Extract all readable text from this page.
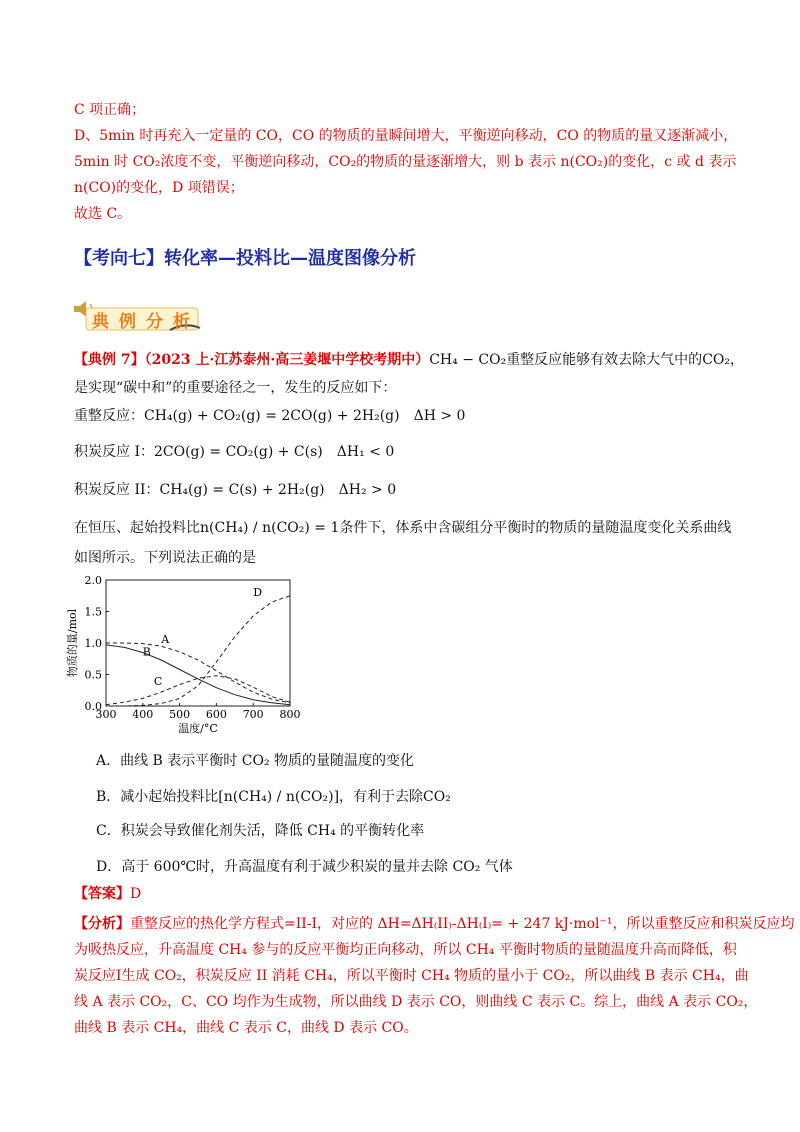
C 项正确；
D、5min 时再充入一定量的 CO，CO 的物质的量瞬间增大，平衡逆向移动，CO 的物质的量又逐渐减小，
5min 时 CO₂浓度不变，平衡逆向移动，CO₂的物质的量逐渐增大，则 b 表示 n(CO₂)的变化，c 或 d 表示
n(CO)的变化，D 项错误；
故选 C。
【考向七】转化率—投料比—温度图像分析
典例分析
【典例 7】（2023 上·江苏泰州·高三姜堰中学校考期中）CH₄ − CO₂重整反应能够有效去除大气中的CO₂，
是实现“碳中和”的重要途径之一，发生的反应如下：
重整反应：CH₄(g) + CO₂(g) = 2CO(g) + 2H₂(g) ΔH > 0
积炭反应 I：2CO(g) = CO₂(g) + C(s) ΔH₁ < 0
积炭反应 II：CH₄(g) = C(s) + 2H₂(g) ΔH₂ > 0
在恒压、起始投料比n(CH₄) / n(CO₂) = 1条件下，体系中含碳组分平衡时的物质的量随温度变化关系曲线
如图所示。下列说法正确的是
300 400 500 600 700 800
0.0
0.5
1.0
1.5
2.0
温度/°C
物质的量/mol	A
B
C
D
A．曲线 B 表示平衡时 CO₂ 物质的量随温度的变化
B．减小起始投料比[n(CH₄) / n(CO₂)]，有利于去除CO₂
C．积炭会导致催化剂失活，降低 CH₄ 的平衡转化率
D．高于 600℃时，升高温度有利于减少积炭的量并去除 CO₂ 气体
【答案】D
【分析】重整反应的热化学方程式=II-I，对应的 ΔH=ΔH₍II₎-ΔH₍I₎= + 247 kJ·mol⁻¹，所以重整反应和积炭反应均
为吸热反应，升高温度 CH₄ 参与的反应平衡均正向移动，所以 CH₄ 平衡时物质的量随温度升高而降低，积
炭反应Ⅰ生成 CO₂，积炭反应 II 消耗 CH₄，所以平衡时 CH₄ 物质的量小于 CO₂，所以曲线 B 表示 CH₄，曲
线 A 表示 CO₂，C、CO 均作为生成物，所以曲线 D 表示 CO，则曲线 C 表示 C。综上，曲线 A 表示 CO₂，
曲线 B 表示 CH₄，曲线 C 表示 C，曲线 D 表示 CO。
